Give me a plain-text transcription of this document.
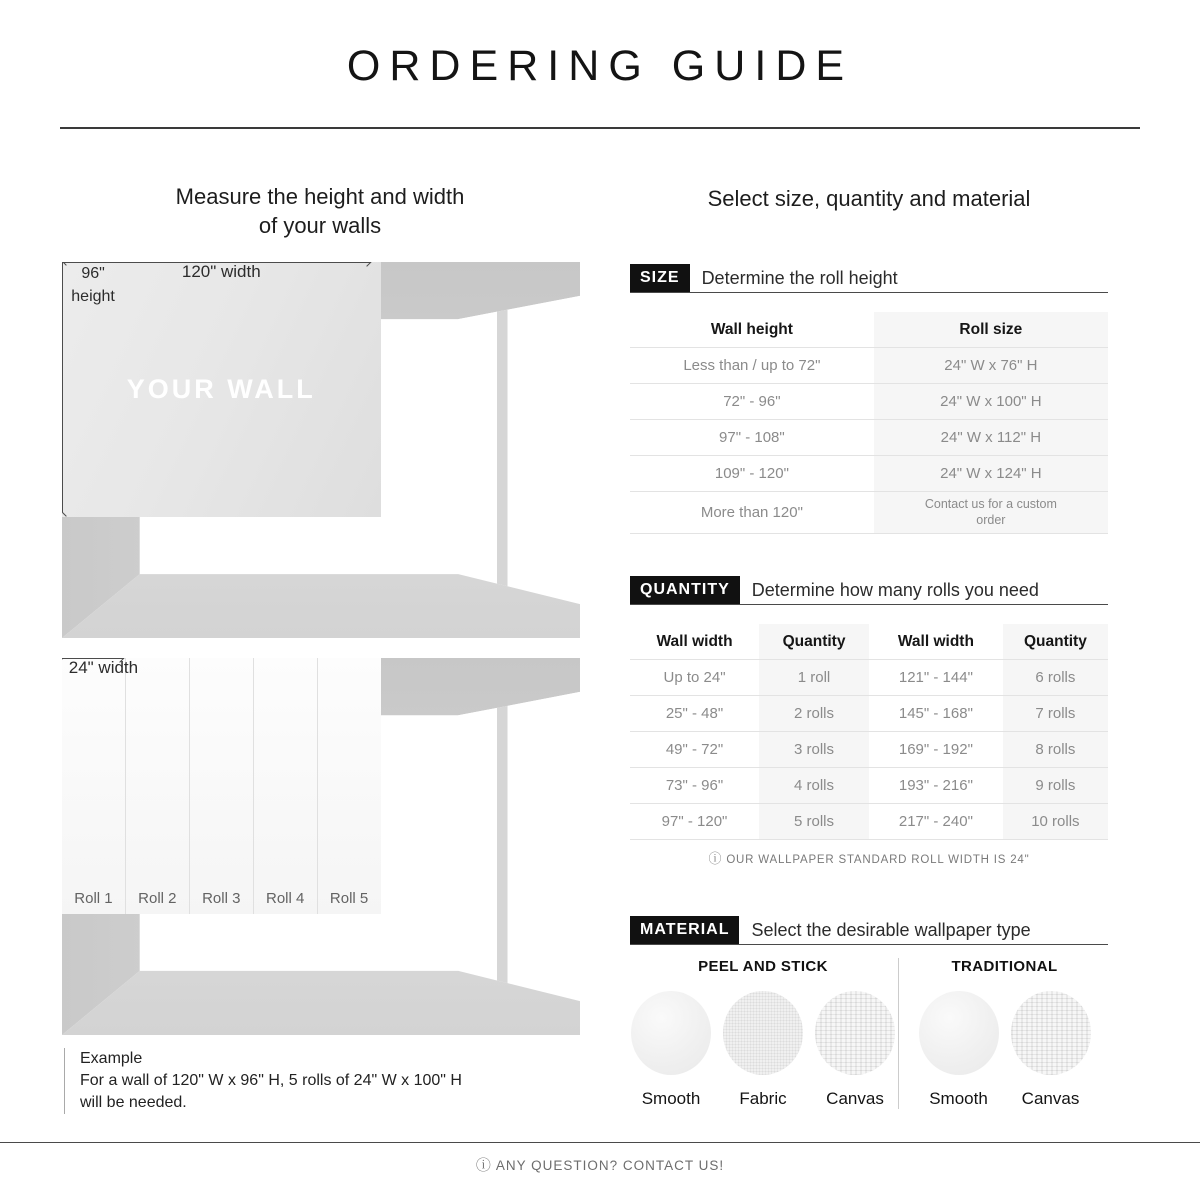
ORDERING GUIDE
Measure the height and width
of your walls
Select size, quantity and material
YOUR WALL
96"
height
120" width
Roll 1	Roll 2	Roll 3	Roll 4	Roll 5
24" width
Example
For a wall of 120" W x 96" H, 5 rolls of 24" W x 100" H
will be needed.
SIZE	Determine the roll height
Wall height	Roll size
Less than / up to 72"	24" W x 76" H
72" - 96"	24" W x 100" H
97" - 108"	24" W x 112" H
109" - 120"	24" W x 124" H
More than 120"	Contact us for a custom order
QUANTITY	Determine how many rolls you need
Wall width	Quantity	Wall width	Quantity
Up to 24"	1 roll	121" - 144"	6 rolls
25" - 48"	2 rolls	145" - 168"	7 rolls
49" - 72"	3 rolls	169" - 192"	8 rolls
73" - 96"	4 rolls	193" - 216"	9 rolls
97" - 120"	5 rolls	217" - 240"	10 rolls
ⓘ OUR WALLPAPER STANDARD ROLL WIDTH IS 24"
MATERIAL	Select the desirable wallpaper type
PEEL AND STICK
Smooth Fabric Canvas
TRADITIONAL
Smooth Canvas
ⓘ ANY QUESTION? CONTACT US!
